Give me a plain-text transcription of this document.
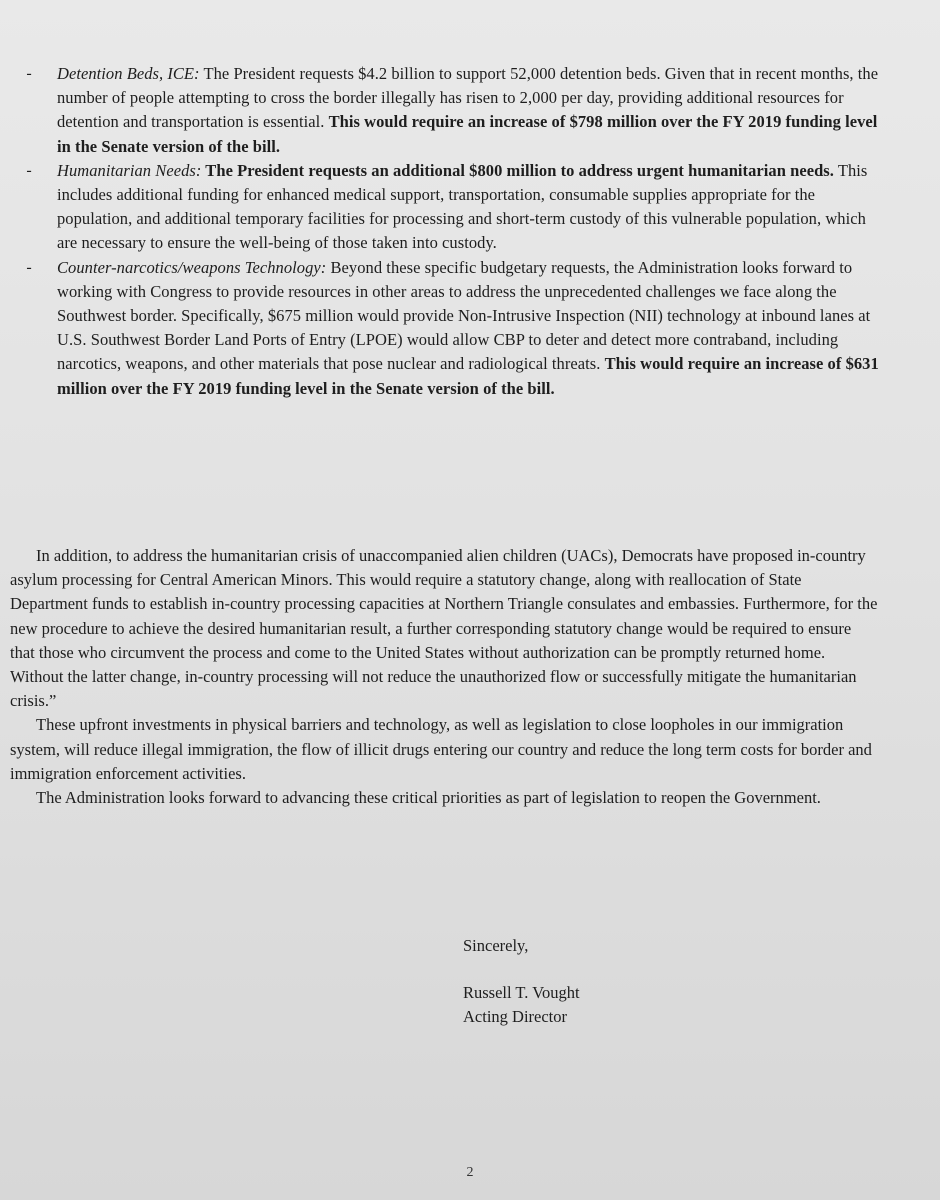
- Detention Beds, ICE: The President requests $4.2 billion to support 52,000 detention beds. Given that in recent months, the number of people attempting to cross the border illegally has risen to 2,000 per day, providing additional resources for detention and transportation is essential. This would require an increase of $798 million over the FY 2019 funding level in the Senate version of the bill.
- Humanitarian Needs: The President requests an additional $800 million to address urgent humanitarian needs. This includes additional funding for enhanced medical support, transportation, consumable supplies appropriate for the population, and additional temporary facilities for processing and short-term custody of this vulnerable population, which are necessary to ensure the well-being of those taken into custody.
- Counter-narcotics/weapons Technology: Beyond these specific budgetary requests, the Administration looks forward to working with Congress to provide resources in other areas to address the unprecedented challenges we face along the Southwest border. Specifically, $675 million would provide Non-Intrusive Inspection (NII) technology at inbound lanes at U.S. Southwest Border Land Ports of Entry (LPOE) would allow CBP to deter and detect more contraband, including narcotics, weapons, and other materials that pose nuclear and radiological threats. This would require an increase of $631 million over the FY 2019 funding level in the Senate version of the bill.

In addition, to address the humanitarian crisis of unaccompanied alien children (UACs), Democrats have proposed in-country asylum processing for Central American Minors. This would require a statutory change, along with reallocation of State Department funds to establish in-country processing capacities at Northern Triangle consulates and embassies. Furthermore, for the new procedure to achieve the desired humanitarian result, a further corresponding statutory change would be required to ensure that those who circumvent the process and come to the United States without authorization can be promptly returned home. Without the latter change, in-country processing will not reduce the unauthorized flow or successfully mitigate the humanitarian crisis.”

These upfront investments in physical barriers and technology, as well as legislation to close loopholes in our immigration system, will reduce illegal immigration, the flow of illicit drugs entering our country and reduce the long term costs for border and immigration enforcement activities.

The Administration looks forward to advancing these critical priorities as part of legislation to reopen the Government.

Sincerely,
Russell T. Vought
Acting Director
2
